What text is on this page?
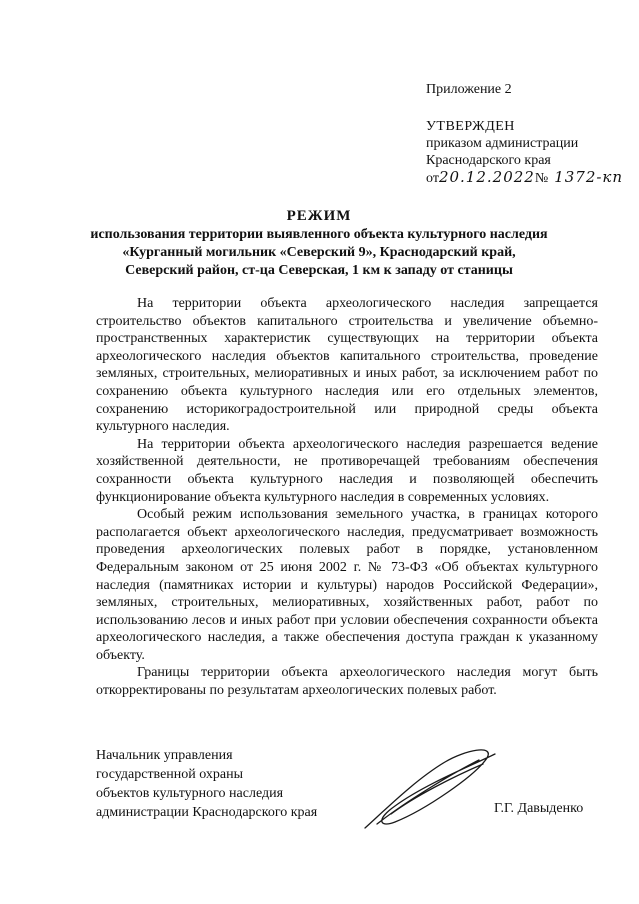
Приложение 2
УТВЕРЖДЕН
приказом администрации
Краснодарского края
от20.12.2022№ 1372-кп
РЕЖИМ
использования территории выявленного объекта культурного наследия
«Курганный могильник «Северский 9», Краснодарский край,
Северский район, ст-ца Северская, 1 км к западу от станицы

На территории объекта археологического наследия запрещается строительство объектов капитального строительства и увеличение объемно-пространственных характеристик существующих на территории объекта археологического наследия объектов капитального строительства, проведение земляных, строительных, мелиоративных и иных работ, за исключением работ по сохранению объекта культурного наследия или его отдельных элементов, сохранению историкоградостроительной или природной среды объекта культурного наследия.

На территории объекта археологического наследия разрешается ведение хозяйственной деятельности, не противоречащей требованиям обеспечения сохранности объекта культурного наследия и позволяющей обеспечить функционирование объекта культурного наследия в современных условиях.

Особый режим использования земельного участка, в границах которого располагается объект археологического наследия, предусматривает возможность проведения археологических полевых работ в порядке, установленном Федеральным законом от 25 июня 2002 г. № 73-ФЗ «Об объектах культурного наследия (памятниках истории и культуры) народов Российской Федерации», земляных, строительных, мелиоративных, хозяйственных работ, работ по использованию лесов и иных работ при условии обеспечения сохранности объекта археологического наследия, а также обеспечения доступа граждан к указанному объекту.

Границы территории объекта археологического наследия могут быть откорректированы по результатам археологических полевых работ.

Начальник управления
государственной охраны
объектов культурного наследия
администрации Краснодарского края	Г.Г. Давыденко
